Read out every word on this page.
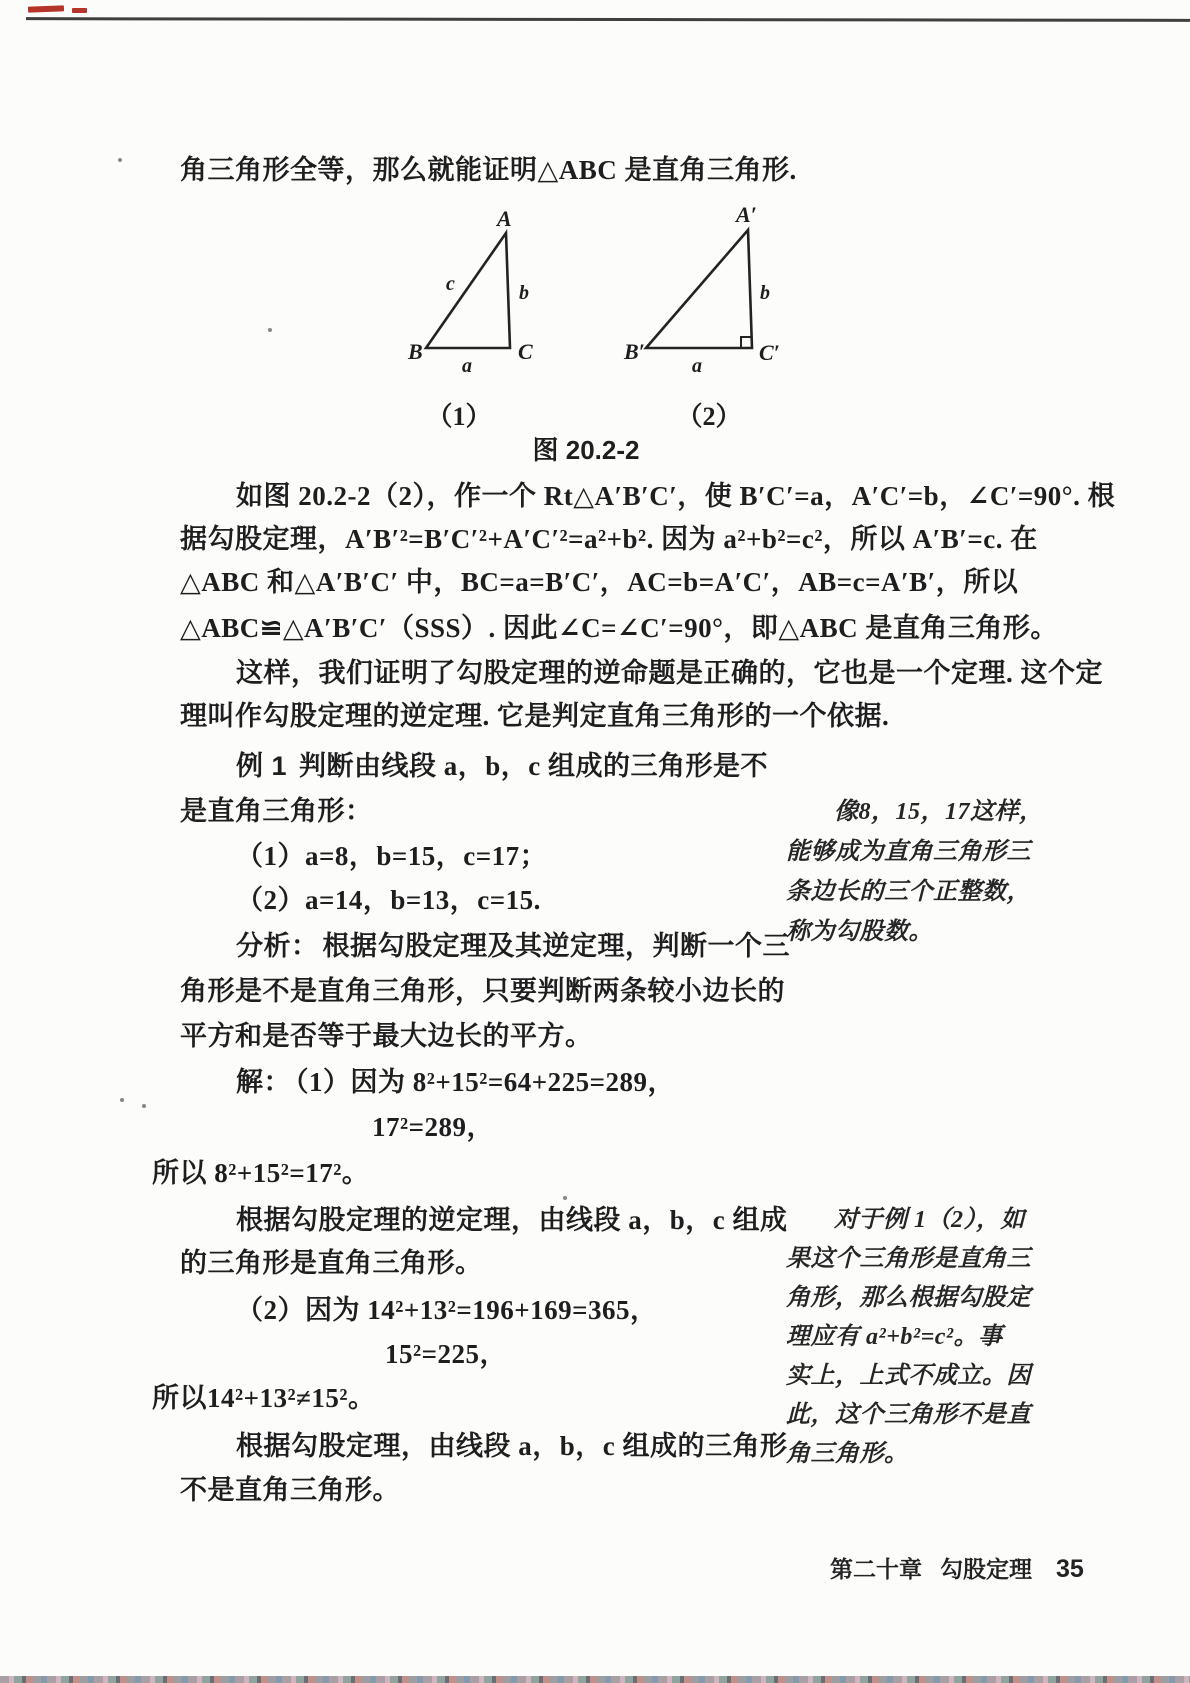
角三角形全等，那么就能证明△ABC 是直角三角形.
A
B	C
a
b
c
A′
B′	C′
a
b
（1）	（2）
图 20.2-2
如图 20.2-2（2），作一个 Rt△A′B′C′，使 B′C′=a，A′C′=b，∠C′=90°. 根
据勾股定理，A′B′²=B′C′²+A′C′²=a²+b². 因为 a²+b²=c²，所以 A′B′=c. 在
△ABC 和△A′B′C′ 中，BC=a=B′C′，AC=b=A′C′，AB=c=A′B′，所以
△ABC≌△A′B′C′（SSS）. 因此∠C=∠C′=90°，即△ABC 是直角三角形。
这样，我们证明了勾股定理的逆命题是正确的，它也是一个定理. 这个定
理叫作勾股定理的逆定理. 它是判定直角三角形的一个依据.
例 1 判断由线段 a，b，c 组成的三角形是不
是直角三角形：
（1）a=8，b=15，c=17；
（2）a=14，b=13，c=15.
分析： 根据勾股定理及其逆定理，判断一个三
角形是不是直角三角形，只要判断两条较小边长的
平方和是否等于最大边长的平方。
解： （1）因为 8²+15²=64+225=289，
17²=289，
所以 8²+15²=17²。
根据勾股定理的逆定理，由线段 a，b，c 组成
的三角形是直角三角形。
（2）因为 14²+13²=196+169=365，
15²=225，
所以14²+13²≠15²。
根据勾股定理，由线段 a，b，c 组成的三角形
不是直角三角形。
像8，15，17这样，
能够成为直角三角形三
条边长的三个正整数，
称为勾股数。
对于例 1（2），如
果这个三角形是直角三
角形，那么根据勾股定
理应有 a²+b²=c²。事
实上，上式不成立。因
此，这个三角形不是直
角三角形。
第二十章 勾股定理 35
